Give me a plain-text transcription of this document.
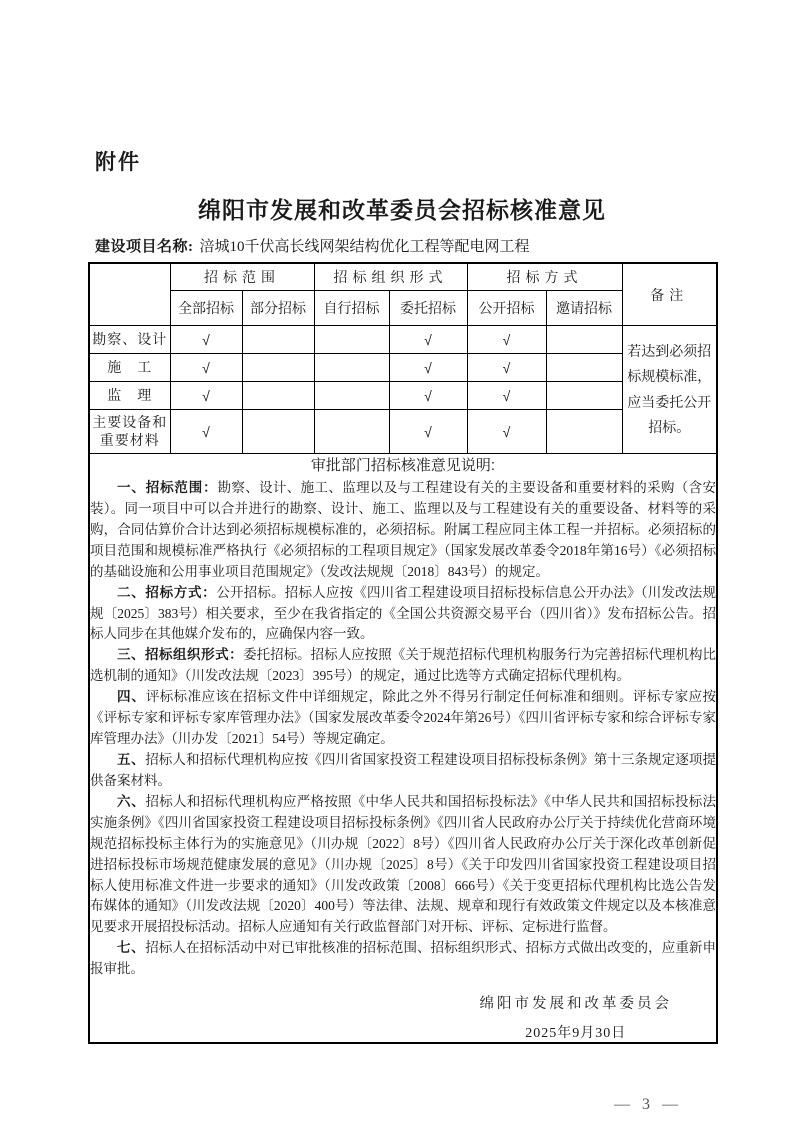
附件
绵阳市发展和改革委员会招标核准意见
建设项目名称: 涪城10千伏高长线网架结构优化工程等配电网工程
	招标范围		招标组织形式		招标方式		备注
	全部招标	部分招标	自行招标	委托招标	公开招标	邀请招标	
勘察、设计	√			√	√		若达到必须招标规模标准，应当委托公开招标。
施　工	√			√	√		
监　理	√			√	√		
主要设备和重要材料	√			√	√		

审批部门招标核准意见说明:

一、招标范围：勘察、设计、施工、监理以及与工程建设有关的主要设备和重要材料的采购（含安装）。同一项目中可以合并进行的勘察、设计、施工、监理以及与工程建设有关的重要设备、材料等的采购，合同估算价合计达到必须招标规模标准的，必须招标。附属工程应同主体工程一并招标。必须招标的项目范围和规模标准严格执行《必须招标的工程项目规定》（国家发展改革委令2018年第16号）《必须招标的基础设施和公用事业项目范围规定》（发改法规规〔2018〕843号）的规定。

二、招标方式：公开招标。招标人应按《四川省工程建设项目招标投标信息公开办法》（川发改法规规〔2025〕383号）相关要求，至少在我省指定的《全国公共资源交易平台（四川省）》发布招标公告。招标人同步在其他媒介发布的，应确保内容一致。

三、招标组织形式：委托招标。招标人应按照《关于规范招标代理机构服务行为完善招标代理机构比选机制的通知》（川发改法规〔2023〕395号）的规定，通过比选等方式确定招标代理机构。

四、评标标准应该在招标文件中详细规定，除此之外不得另行制定任何标准和细则。评标专家应按《评标专家和评标专家库管理办法》（国家发展改革委令2024年第26号）《四川省评标专家和综合评标专家库管理办法》（川办发〔2021〕54号）等规定确定。

五、招标人和招标代理机构应按《四川省国家投资工程建设项目招标投标条例》第十三条规定逐项提供备案材料。

六、招标人和招标代理机构应严格按照《中华人民共和国招标投标法》《中华人民共和国招标投标法实施条例》《四川省国家投资工程建设项目招标投标条例》《四川省人民政府办公厅关于持续优化营商环境规范招标投标主体行为的实施意见》（川办规〔2022〕8号）《四川省人民政府办公厅关于深化改革创新促进招标投标市场规范健康发展的意见》（川办规〔2025〕8号）《关于印发四川省国家投资工程建设项目招标人使用标准文件进一步要求的通知》（川发改政策〔2008〕666号）《关于变更招标代理机构比选公告发布媒体的通知》（川发改法规〔2020〕400号）等法律、法规、规章和现行有效政策文件规定以及本核准意见要求开展招投标活动。招标人应通知有关行政监督部门对开标、评标、定标进行监督。

七、招标人在招标活动中对已审批核准的招标范围、招标组织形式、招标方式做出改变的，应重新申报审批。

绵阳市发展和改革委员会
2025年9月30日
— 3 —
